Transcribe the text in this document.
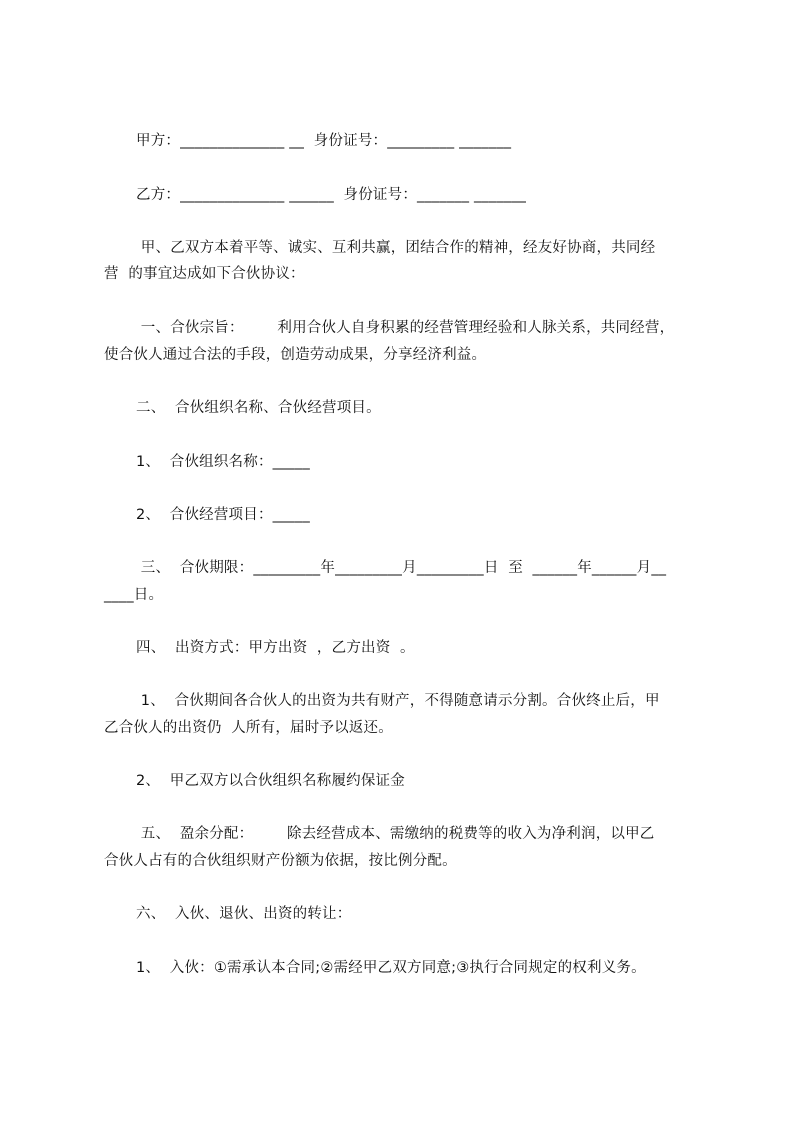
甲方：______________ __  身份证号：_________ _______
乙方：______________ ______  身份证号：_______ _______
甲、乙双方本着平等、诚实、互利共赢，团结合作的精神，经友好协商，共同经
营  的事宜达成如下合伙协议：
一、合伙宗旨：       利用合伙人自身积累的经营管理经验和人脉关系，共同经营，
使合伙人通过合法的手段，创造劳动成果，分享经济利益。
二、  合伙组织名称、合伙经营项目。
1、  合伙组织名称：_____
2、  合伙经营项目：_____
三、  合伙期限：_________年_________月_________日  至  ______年______月__
____日。
四、  出资方式：甲方出资  ，乙方出资  。
1、  合伙期间各合伙人的出资为共有财产，不得随意请示分割。合伙终止后，甲
乙合伙人的出资仍  人所有，届时予以返还。
2、  甲乙双方以合伙组织名称履约保证金
五、  盈余分配：       除去经营成本、需缴纳的税费等的收入为净利润，以甲乙
合伙人占有的合伙组织财产份额为依据，按比例分配。
六、  入伙、退伙、出资的转让：
1、  入伙：①需承认本合同;②需经甲乙双方同意;③执行合同规定的权利义务。
